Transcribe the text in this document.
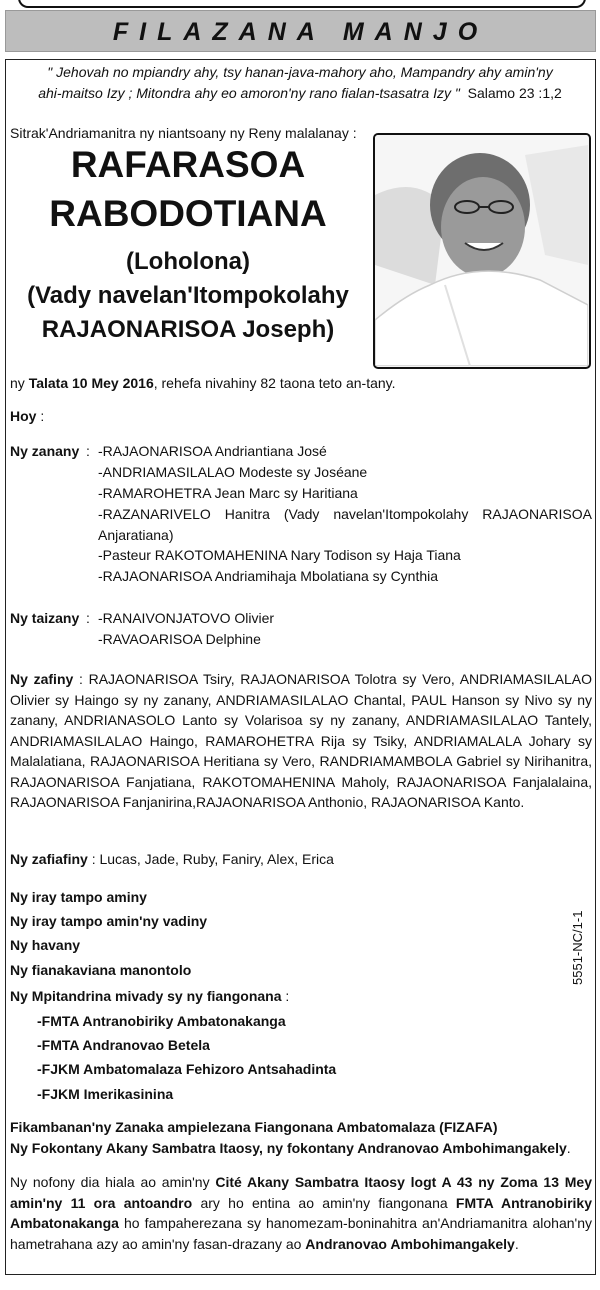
FILAZANA MANJO
" Jehovah no mpiandry ahy, tsy hanan-java-mahory aho, Mampandry ahy amin'ny
ahi-maitso Izy ; Mitondra ahy eo amoron'ny rano fialan-tsasatra Izy " Salamo 23 :1,2
Sitrak'Andriamanitra ny niantsoany ny Reny malalanay :
RAFARASOA
RABODOTIANA
(Loholona)
(Vady navelan'Itompokolahy
RAJAONARISOA Joseph)
ny Talata 10 Mey 2016, rehefa nivahiny 82 taona teto an-tany.
Hoy :
Ny zanany : -RAJAONARISOA Andriantiana José
-ANDRIAMASILALAO Modeste sy Joséane
-RAMAROHETRA Jean Marc sy Haritiana
-RAZANARIVELO Hanitra (Vady navelan'Itompokolahy RAJAONARISOA Anjaratiana)
-Pasteur RAKOTOMAHENINA Nary Todison sy Haja Tiana
-RAJAONARISOA Andriamihaja Mbolatiana sy Cynthia
Ny taizany : -RANAIVONJATOVO Olivier
-RAVAOARISOA Delphine
Ny zafiny : RAJAONARISOA Tsiry, RAJAONARISOA Tolotra sy Vero, ANDRIAMASILALAO Olivier sy Haingo sy ny zanany, ANDRIAMASILALAO Chantal, PAUL Hanson sy Nivo sy ny zanany, ANDRIANASOLO Lanto sy Volarisoa sy ny zanany, ANDRIAMASILALAO Tantely, ANDRIAMASILALAO Haingo, RAMAROHETRA Rija sy Tsiky, ANDRIAMALALA Johary sy Malalatiana, RAJAONARISOA Heritiana sy Vero, RANDRIAMAMBOLA Gabriel sy Nirihanitra, RAJAONARISOA Fanjatiana, RAKOTOMAHENINA Maholy, RAJAONARISOA Fanjalalaina, RAJAONARISOA Fanjanirina,RAJAONARISOA Anthonio, RAJAONARISOA Kanto.
Ny zafiafiny : Lucas, Jade, Ruby, Faniry, Alex, Erica
Ny iray tampo aminy
Ny iray tampo amin'ny vadiny
Ny havany
Ny fianakaviana manontolo
Ny Mpitandrina mivady sy ny fiangonana :
-FMTA Antranobiriky Ambatonakanga
-FMTA Andranovao Betela
-FJKM Ambatomalaza Fehizoro Antsahadinta
-FJKM Imerikasinina
Fikambanan'ny Zanaka ampielezana Fiangonana Ambatomalaza (FIZAFA)
Ny Fokontany Akany Sambatra Itaosy, ny fokontany Andranovao Ambohimangakely.
Ny nofony dia hiala ao amin'ny Cité Akany Sambatra Itaosy logt A 43 ny Zoma 13 Mey amin'ny 11 ora antoandro ary ho entina ao amin'ny fiangonana FMTA Antranobiriky Ambatonakanga ho fampaherezana sy hanomezam-boninahitra an'Andriamanitra alohan'ny hametrahana azy ao amin'ny fasan-drazany ao Andranovao Ambohimangakely.
5551-NC/1-1
